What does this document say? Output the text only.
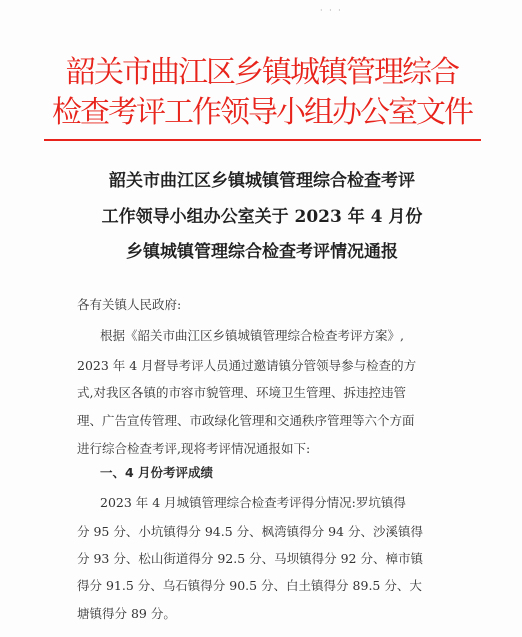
· · ·
韶关市曲江区乡镇城镇管理综合
检查考评工作领导小组办公室文件
韶关市曲江区乡镇城镇管理综合检查考评
工作领导小组办公室关于 2023 年 4 月份
乡镇城镇管理综合检查考评情况通报
各有关镇人民政府:
根据《韶关市曲江区乡镇城镇管理综合检查考评方案》,
2023 年 4 月督导考评人员通过邀请镇分管领导参与检查的方
式,对我区各镇的市容市貌管理、环境卫生管理、拆违控违管
理、广告宣传管理、市政绿化管理和交通秩序管理等六个方面
进行综合检查考评,现将考评情况通报如下:
一、4 月份考评成绩
2023 年 4 月城镇管理综合检查考评得分情况:罗坑镇得
分 95 分、小坑镇得分 94.5 分、枫湾镇得分 94 分、沙溪镇得
分 93 分、松山街道得分 92.5 分、马坝镇得分 92 分、樟市镇
得分 91.5 分、乌石镇得分 90.5 分、白土镇得分 89.5 分、大
塘镇得分 89 分。
